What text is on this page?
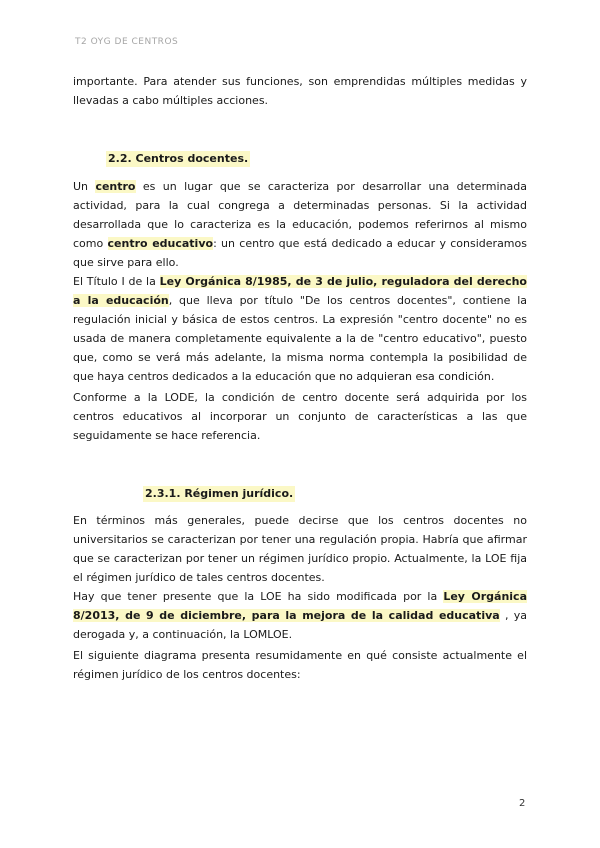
T2 OYG DE CENTROS
importante. Para atender sus funciones, son emprendidas múltiples medidas y llevadas a cabo múltiples acciones.
2.2. Centros docentes.
Un centro es un lugar que se caracteriza por desarrollar una determinada actividad, para la cual congrega a determinadas personas. Si la actividad desarrollada que lo caracteriza es la educación, podemos referirnos al mismo como centro educativo: un centro que está dedicado a educar y consideramos que sirve para ello.
El Título I de la Ley Orgánica 8/1985, de 3 de julio, reguladora del derecho a la educación, que lleva por título "De los centros docentes", contiene la regulación inicial y básica de estos centros. La expresión "centro docente" no es usada de manera completamente equivalente a la de "centro educativo", puesto que, como se verá más adelante, la misma norma contempla la posibilidad de que haya centros dedicados a la educación que no adquieran esa condición.
Conforme a la LODE, la condición de centro docente será adquirida por los centros educativos al incorporar un conjunto de características a las que seguidamente se hace referencia.
2.3.1. Régimen jurídico.
En términos más generales, puede decirse que los centros docentes no universitarios se caracterizan por tener una regulación propia. Habría que afirmar que se caracterizan por tener un régimen jurídico propio. Actualmente, la LOE fija el régimen jurídico de tales centros docentes.
Hay que tener presente que la LOE ha sido modificada por la Ley Orgánica 8/2013, de 9 de diciembre, para la mejora de la calidad educativa , ya derogada y, a continuación, la LOMLOE.
El siguiente diagrama presenta resumidamente en qué consiste actualmente el régimen jurídico de los centros docentes:
2
